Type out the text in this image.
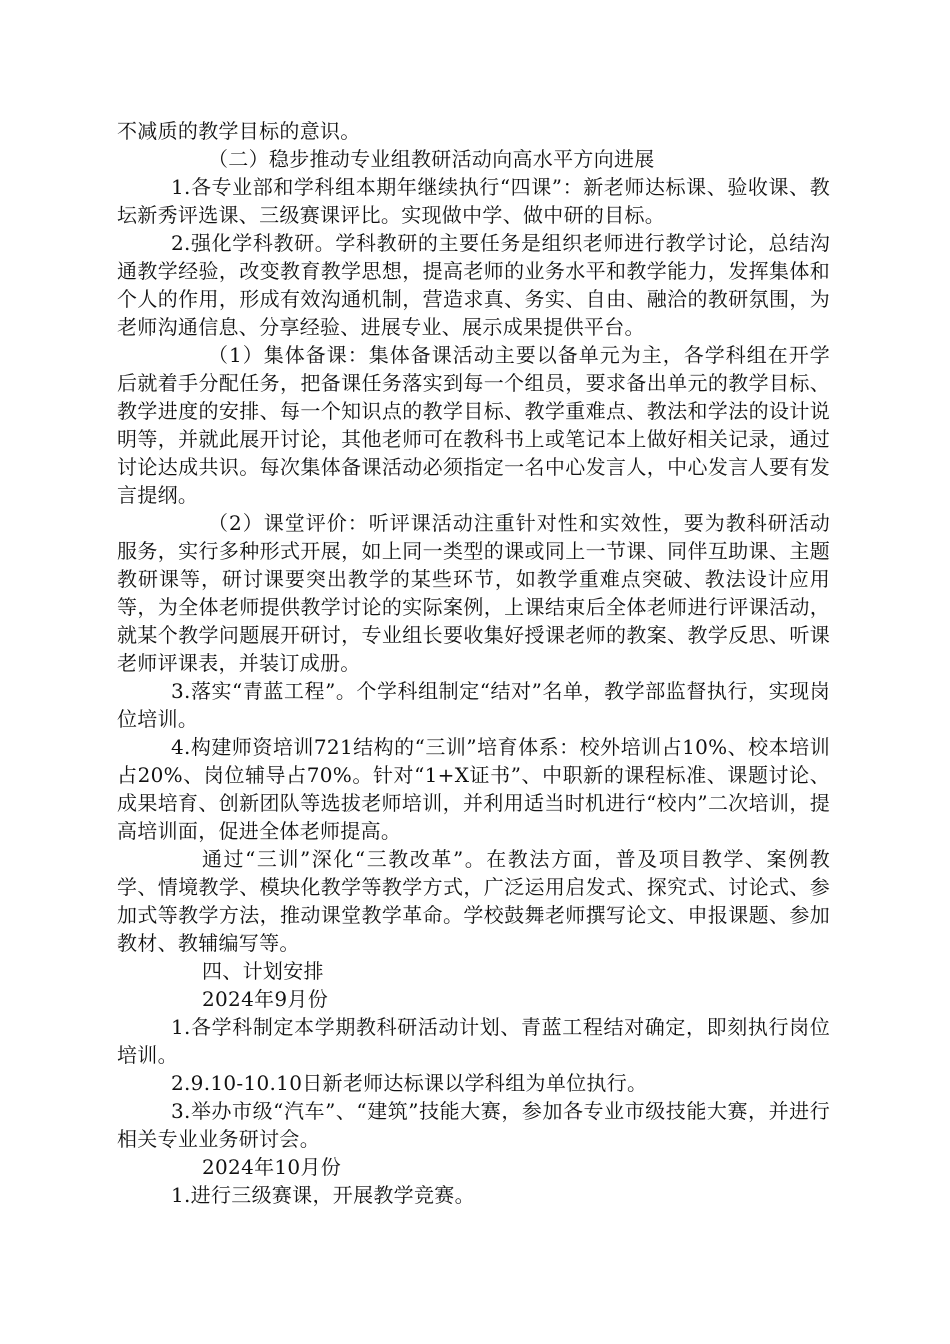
不减质的教学目标的意识。

（二）稳步推动专业组教研活动向高水平方向进展

1.各专业部和学科组本期年继续执行“四课”：新老师达标课、验收课、教坛新秀评选课、三级赛课评比。实现做中学、做中研的目标。

2.强化学科教研。学科教研的主要任务是组织老师进行教学讨论，总结沟通教学经验，改变教育教学思想，提高老师的业务水平和教学能力，发挥集体和个人的作用，形成有效沟通机制，营造求真、务实、自由、融洽的教研氛围，为老师沟通信息、分享经验、进展专业、展示成果提供平台。

（1）集体备课：集体备课活动主要以备单元为主，各学科组在开学后就着手分配任务，把备课任务落实到每一个组员，要求备出单元的教学目标、教学进度的安排、每一个知识点的教学目标、教学重难点、教法和学法的设计说明等，并就此展开讨论，其他老师可在教科书上或笔记本上做好相关记录，通过讨论达成共识。每次集体备课活动必须指定一名中心发言人，中心发言人要有发言提纲。

（2）课堂评价：听评课活动注重针对性和实效性，要为教科研活动服务，实行多种形式开展，如上同一类型的课或同上一节课、同伴互助课、主题教研课等，研讨课要突出教学的某些环节，如教学重难点突破、教法设计应用等，为全体老师提供教学讨论的实际案例，上课结束后全体老师进行评课活动，就某个教学问题展开研讨，专业组长要收集好授课老师的教案、教学反思、听课老师评课表，并装订成册。

3.落实“青蓝工程”。个学科组制定“结对”名单，教学部监督执行，实现岗位培训。

4.构建师资培训721结构的“三训”培育体系：校外培训占10%、校本培训占20%、岗位辅导占70%。针对“1+X证书”、中职新的课程标准、课题讨论、成果培育、创新团队等选拔老师培训，并利用适当时机进行“校内”二次培训，提高培训面，促进全体老师提高。

通过“三训”深化“三教改革”。在教法方面，普及项目教学、案例教学、情境教学、模块化教学等教学方式，广泛运用启发式、探究式、讨论式、参加式等教学方法，推动课堂教学革命。学校鼓舞老师撰写论文、申报课题、参加教材、教辅编写等。

四、计划安排

2024年9月份

1.各学科制定本学期教科研活动计划、青蓝工程结对确定，即刻执行岗位培训。

2.9.10-10.10日新老师达标课以学科组为单位执行。

3.举办市级“汽车”、“建筑”技能大赛，参加各专业市级技能大赛，并进行相关专业业务研讨会。

2024年10月份

1.进行三级赛课，开展教学竞赛。
